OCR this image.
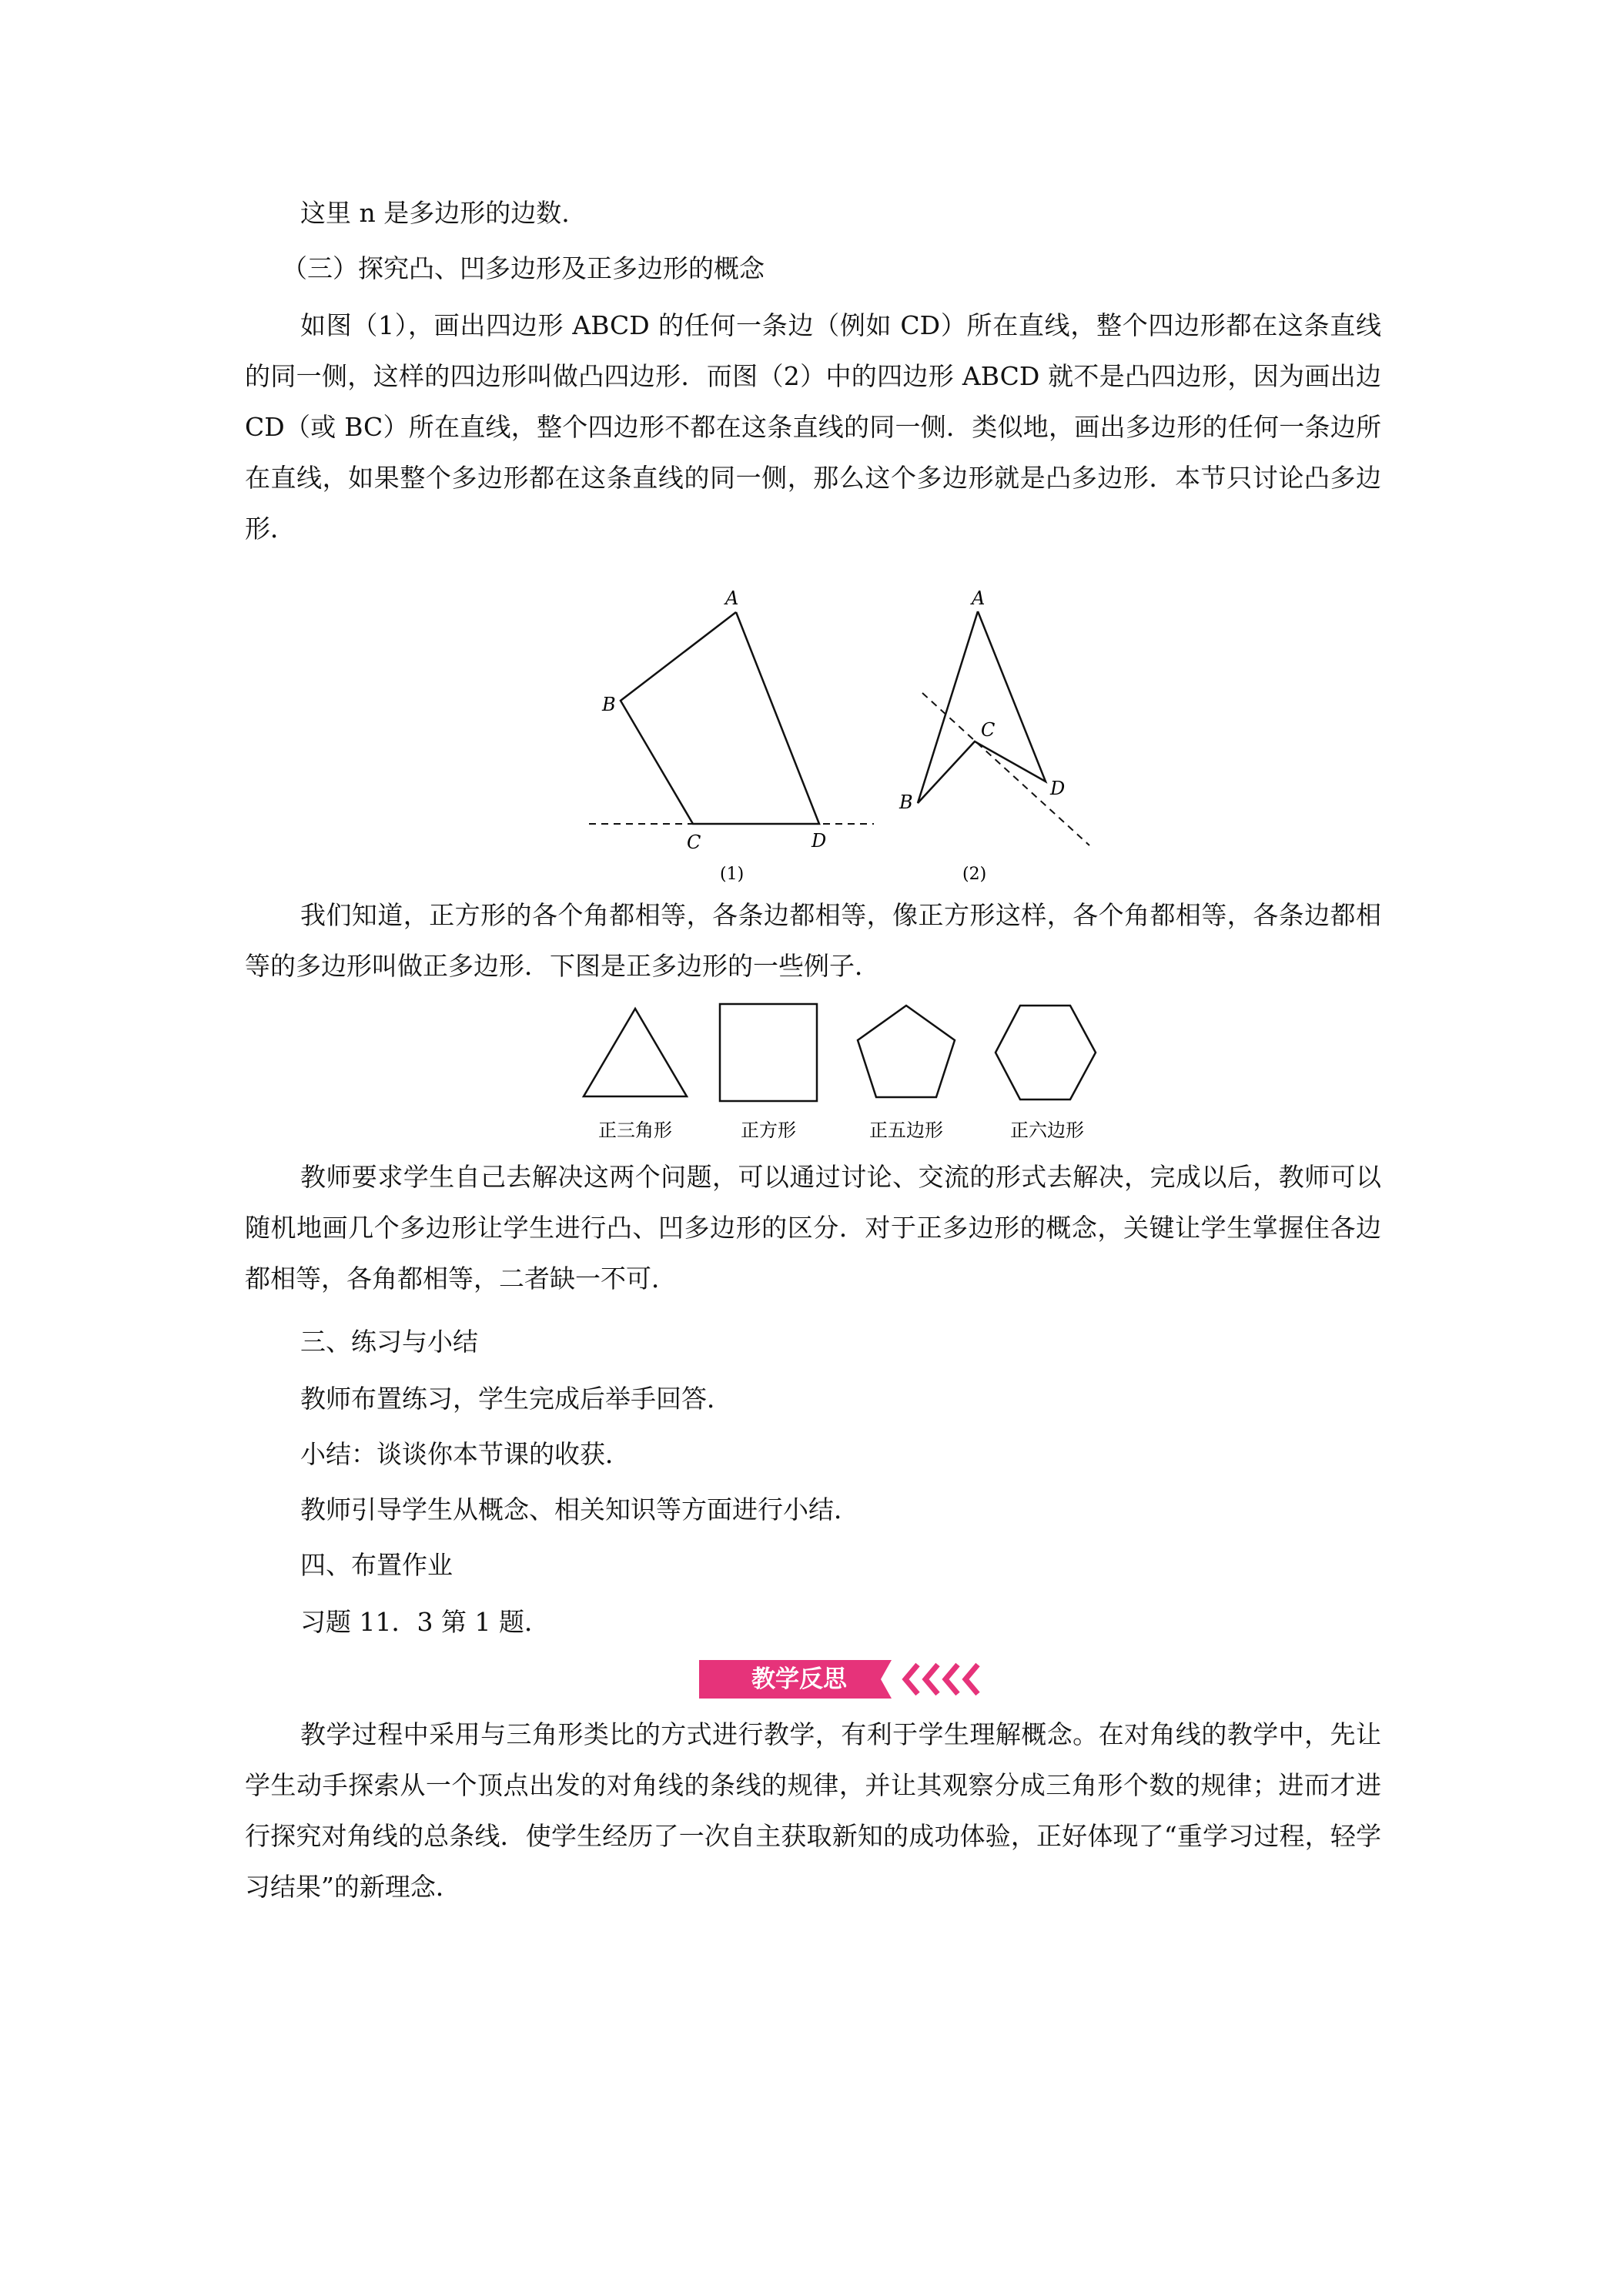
这里 n 是多边形的边数.

（三）探究凸、凹多边形及正多边形的概念

如图（1），画出四边形 ABCD 的任何一条边（例如 CD）所在直线，整个四边形都在这条直线的同一侧，这样的四边形叫做凸四边形．而图（2）中的四边形 ABCD 就不是凸四边形，因为画出边 CD（或 BC）所在直线，整个四边形不都在这条直线的同一侧．类似地，画出多边形的任何一条边所在直线，如果整个多边形都在这条直线的同一侧，那么这个多边形就是凸多边形．本节只讨论凸多边形．

A
B
C	D
(1)
A
B
C
D
(2)

我们知道，正方形的各个角都相等，各条边都相等，像正方形这样，各个角都相等，各条边都相等的多边形叫做正多边形．下图是正多边形的一些例子．

正三角形	正方形	正五边形	正六边形

教师要求学生自己去解决这两个问题，可以通过讨论、交流的形式去解决，完成以后，教师可以随机地画几个多边形让学生进行凸、凹多边形的区分．对于正多边形的概念，关键让学生掌握住各边都相等，各角都相等，二者缺一不可．

三、练习与小结

教师布置练习，学生完成后举手回答．

小结：谈谈你本节课的收获．

教师引导学生从概念、相关知识等方面进行小结．

四、布置作业

习题 11．3 第 1 题．

教学反思

教学过程中采用与三角形类比的方式进行教学，有利于学生理解概念。在对角线的教学中，先让学生动手探索从一个顶点出发的对角线的条线的规律，并让其观察分成三角形个数的规律；进而才进行探究对角线的总条线．使学生经历了一次自主获取新知的成功体验，正好体现了“重学习过程，轻学习结果”的新理念．
